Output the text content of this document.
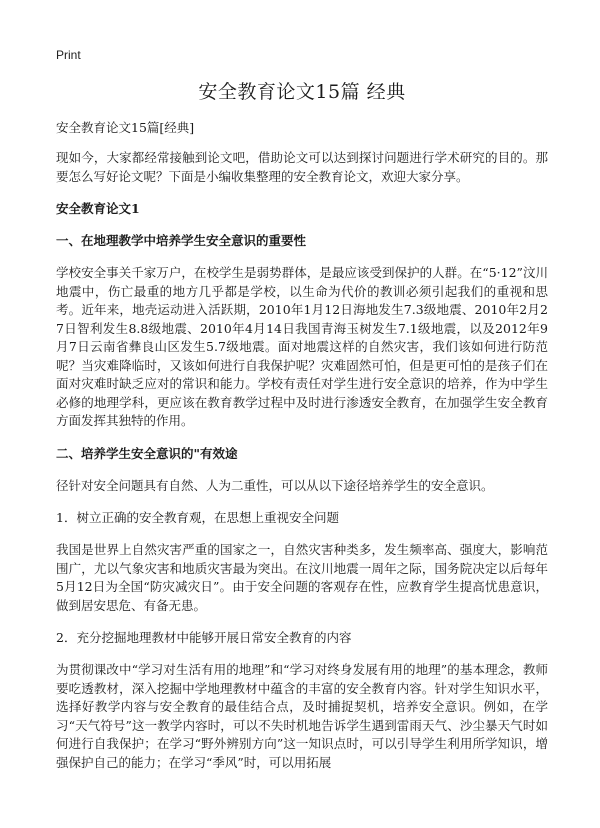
Print
安全教育论文15篇 经典

安全教育论文15篇[经典]

现如今，大家都经常接触到论文吧，借助论文可以达到探讨问题进行学术研究的目的。那要怎么写好论文呢？下面是小编收集整理的安全教育论文，欢迎大家分享。

安全教育论文1

一、在地理教学中培养学生安全意识的重要性

学校安全事关千家万户，在校学生是弱势群体，是最应该受到保护的人群。在“5·12”汶川地震中，伤亡最重的地方几乎都是学校，以生命为代价的教训必须引起我们的重视和思考。近年来，地壳运动进入活跃期，2010年1月12日海地发生7.3级地震、2010年2月27日智利发生8.8级地震、2010年4月14日我国青海玉树发生7.1级地震，以及2012年9月7日云南省彝良山区发生5.7级地震。面对地震这样的自然灾害，我们该如何进行防范呢？当灾难降临时，又该如何进行自我保护呢？灾难固然可怕，但是更可怕的是孩子们在面对灾难时缺乏应对的常识和能力。学校有责任对学生进行安全意识的培养，作为中学生必修的地理学科，更应该在教育教学过程中及时进行渗透安全教育，在加强学生安全教育方面发挥其独特的作用。

二、培养学生安全意识的"有效途

径针对安全问题具有自然、人为二重性，可以从以下途径培养学生的安全意识。

1．树立正确的安全教育观，在思想上重视安全问题

我国是世界上自然灾害严重的国家之一，自然灾害种类多，发生频率高、强度大，影响范围广，尤以气象灾害和地质灾害最为突出。在汶川地震一周年之际，国务院决定以后每年5月12日为全国“防灾减灾日”。由于安全问题的客观存在性，应教育学生提高忧患意识，做到居安思危、有备无患。

2．充分挖掘地理教材中能够开展日常安全教育的内容

为贯彻课改中“学习对生活有用的地理”和“学习对终身发展有用的地理”的基本理念，教师要吃透教材，深入挖掘中学地理教材中蕴含的丰富的安全教育内容。针对学生知识水平，选择好教学内容与安全教育的最佳结合点，及时捕捉契机，培养安全意识。例如，在学习“天气符号”这一教学内容时，可以不失时机地告诉学生遇到雷雨天气、沙尘暴天气时如何进行自我保护；在学习“野外辨别方向”这一知识点时，可以引导学生利用所学知识，增强保护自己的能力；在学习“季风”时，可以用拓展
